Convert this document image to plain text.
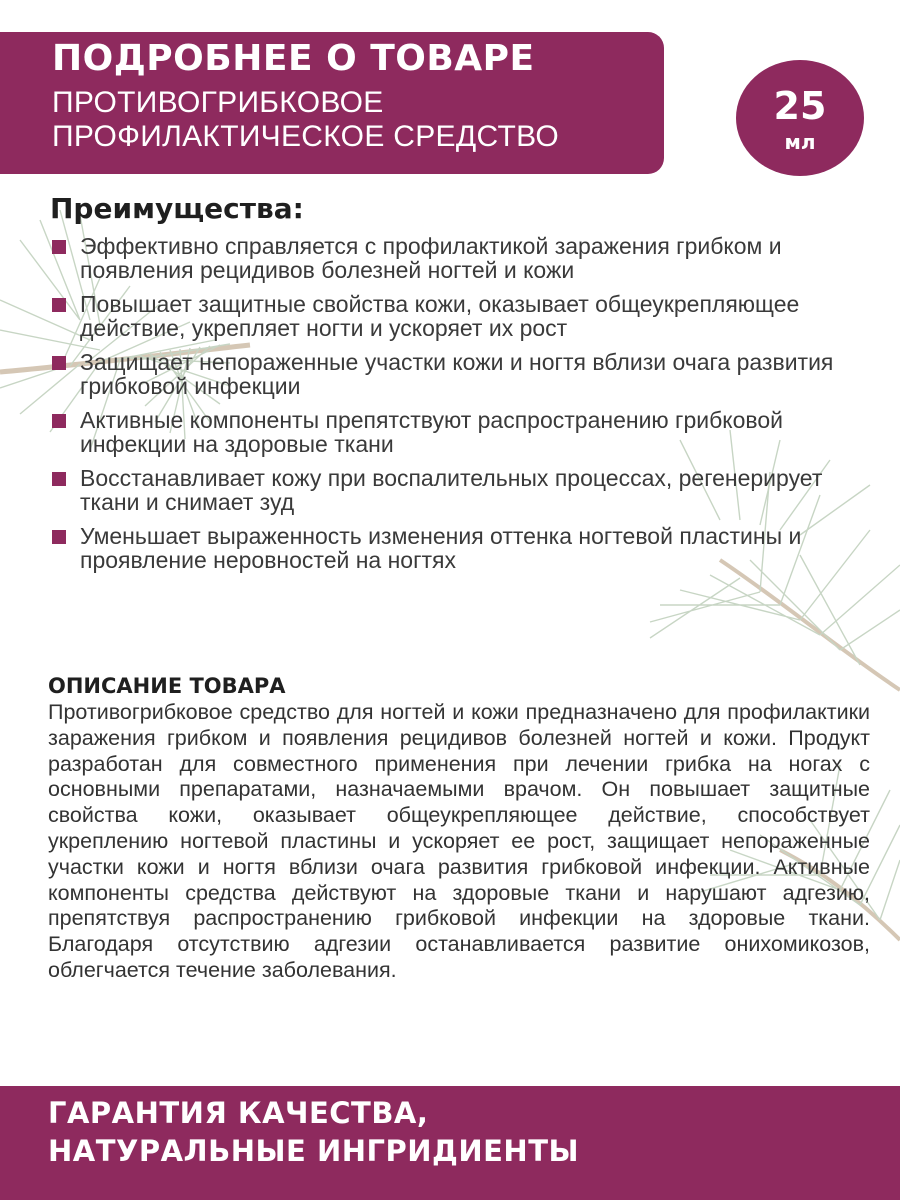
ПОДРОБНЕЕ О ТОВАРЕ
ПРОТИВОГРИБКОВОЕ
ПРОФИЛАКТИЧЕСКОЕ СРЕДСТВО
25
мл
Преимущества:
Эффективно справляется с профилактикой заражения грибком и появления рецидивов болезней ногтей и кожи
Повышает защитные свойства кожи, оказывает общеукрепляющее действие, укрепляет ногти и ускоряет их рост
Защищает непораженные участки кожи и ногтя вблизи очага развития грибковой инфекции
Активные компоненты препятствуют распространению грибковой инфекции на здоровые ткани
Восстанавливает кожу при воспалительных процессах, регенерирует ткани и снимает зуд
Уменьшает выраженность изменения оттенка ногтевой пластины и проявление неровностей на ногтях
ОПИСАНИЕ ТОВАРА
Противогрибковое средство для ногтей и кожи предназначено для профилактики заражения грибком и появления рецидивов болезней ногтей и кожи. Продукт разработан для совместного применения при лечении грибка на ногах с основными препаратами, назначаемыми врачом. Он повышает защитные свойства кожи, оказывает общеукрепляющее действие, способствует укреплению ногтевой пластины и ускоряет ее рост, защищает непораженные участки кожи и ногтя вблизи очага развития грибковой инфекции. Активные компоненты средства действуют на здоровые ткани и нарушают адгезию, препятствуя распространению грибковой инфекции на здоровые ткани. Благодаря отсутствию адгезии останавливается развитие онихомикозов, облегчается течение заболевания.
ГАРАНТИЯ КАЧЕСТВА,
НАТУРАЛЬНЫЕ ИНГРИДИЕНТЫ
